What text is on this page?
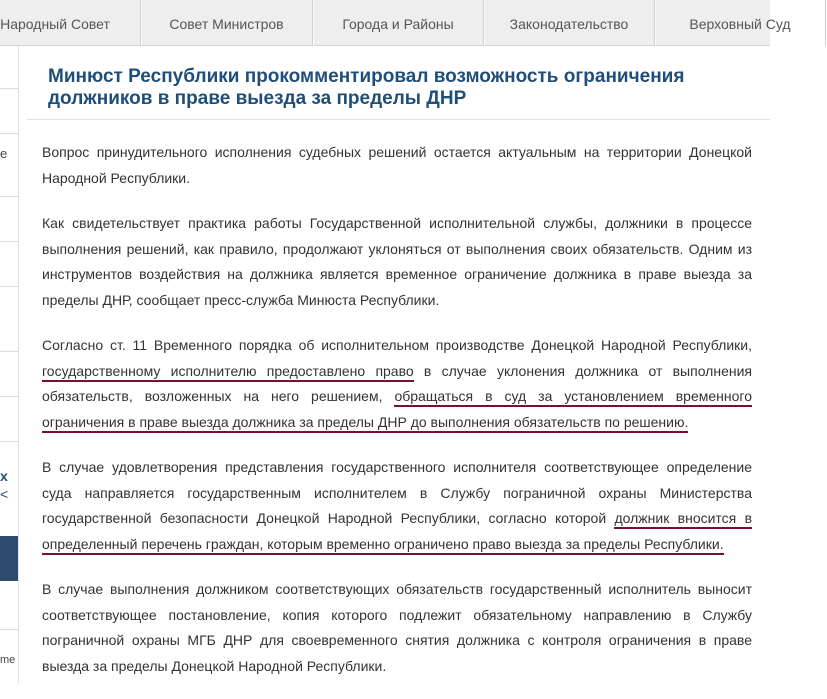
Народный Совет	Совет Министров	Города и Районы	Законодательство	Верховный Суд
е
х
<
me
Минюст Республики прокомментировал возможность ограничения должников в праве выезда за пределы ДНР

Вопрос принудительного исполнения судебных решений остается актуальным на территории Донецкой Народной Республики.

Как свидетельствует практика работы Государственной исполнительной службы, должники в процессе выполнения решений, как правило, продолжают уклоняться от выполнения своих обязательств. Одним из инструментов воздействия на должника является временное ограничение должника в праве выезда за пределы ДНР, сообщает пресс-служба Минюста Республики.

Согласно ст. 11 Временного порядка об исполнительном производстве Донецкой Народной Республики, государственному исполнителю предоставлено право в случае уклонения должника от выполнения обязательств, возложенных на него решением, обращаться в суд за установлением временного ограничения в праве выезда должника за пределы ДНР до выполнения обязательств по решению.

В случае удовлетворения представления государственного исполнителя соответствующее определение суда направляется государственным исполнителем в Службу пограничной охраны Министерства государственной безопасности Донецкой Народной Республики, согласно которой должник вносится в определенный перечень граждан, которым временно ограничено право выезда за пределы Республики.

В случае выполнения должником соответствующих обязательств государственный исполнитель выносит соответствующее постановление, копия которого подлежит обязательному направлению в Службу пограничной охраны МГБ ДНР для своевременного снятия должника с контроля ограничения в праве выезда за пределы Донецкой Народной Республики.
